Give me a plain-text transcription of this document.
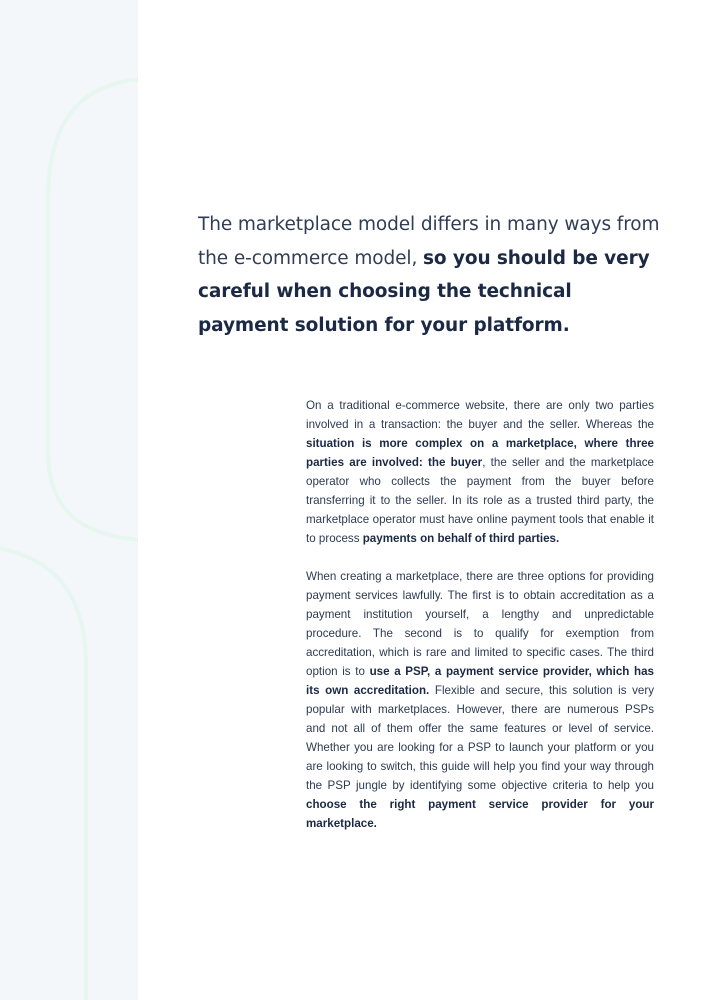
The marketplace model differs in many ways from the e-commerce model, so you should be very careful when choosing the technical payment solution for your platform.

On a traditional e-commerce website, there are only two parties involved in a transaction: the buyer and the seller. Whereas the situation is more complex on a marketplace, where three parties are involved: the buyer, the seller and the marketplace operator who collects the payment from the buyer before transferring it to the seller. In its role as a trusted third party, the marketplace operator must have online payment tools that enable it to process payments on behalf of third parties.

When creating a marketplace, there are three options for providing payment services lawfully. The first is to obtain accreditation as a payment institution yourself, a lengthy and unpredictable procedure. The second is to qualify for exemption from accreditation, which is rare and limited to specific cases. The third option is to use a PSP, a payment service provider, which has its own accreditation. Flexible and secure, this solution is very popular with marketplaces. However, there are numerous PSPs and not all of them offer the same features or level of service. Whether you are looking for a PSP to launch your platform or you are looking to switch, this guide will help you find your way through the PSP jungle by identifying some objective criteria to help you choose the right payment service provider for your marketplace.
